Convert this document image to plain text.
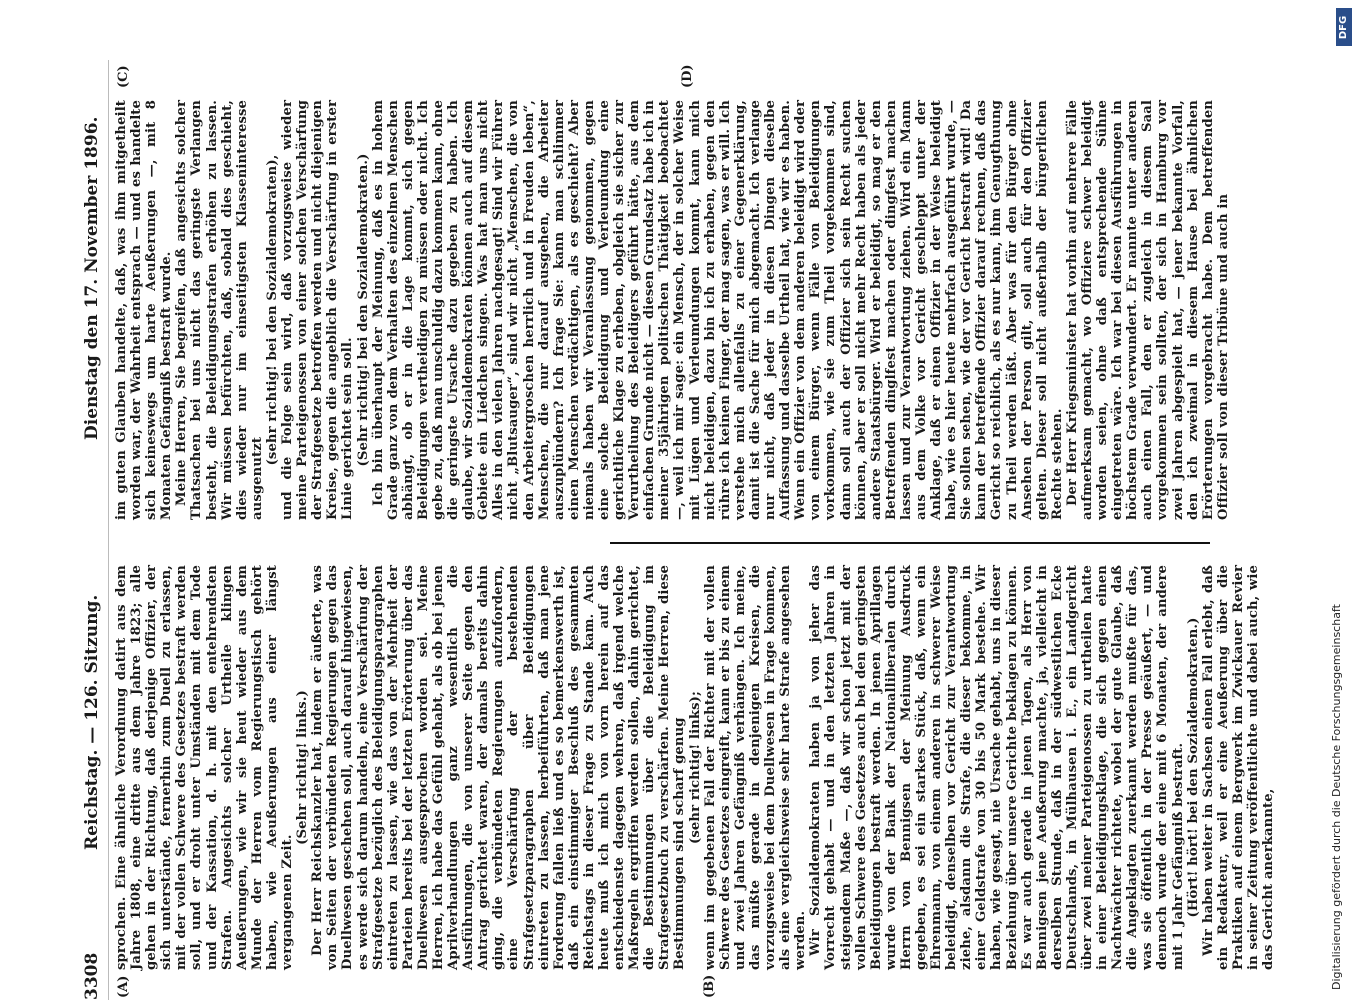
3308
Reichstag. — 126. Sitzung.
Dienstag den 17. November 1896.
(A)	(B)
(C)	(D)

sprochen. Eine ähnliche Verordnung datirt aus dem Jahre 1808, eine dritte aus dem Jahre 1823; alle gehen in der Richtung, daß derjenige Offizier, der sich unterstände, fernerhin zum Duell zu erlassen, mit der vollen Schwere des Gesetzes bestraft werden soll, und er droht unter Umständen mit dem Tode und der Kassation, d. h. mit den entehrendsten Strafen. Angesichts solcher Urtheile klingen Aeußerungen, wie wir sie heut wieder aus dem Munde der Herren vom Regierungstisch gehört haben, wie Aeußerungen aus einer längst vergangenen Zeit.

(Sehr richtig! links.) Der Herr Reichskanzler hat, indem er äußerte, was von Seiten der verbündeten Regierungen gegen das Duellwesen geschehen soll, auch darauf hingewiesen, es werde sich darum handeln, eine Verschärfung der Strafgesetze bezüglich des Beleidigungsparagraphen eintreten zu lassen, wie das von der Mehrheit der Parteien bereits bei der letzten Erörterung über das Duellwesen ausgesprochen worden sei. Meine Herren, ich habe das Gefühl gehabt, als ob bei jenen Aprilverhandlungen ganz wesentlich die Ausführungen, die von unserer Seite gegen den Antrag gerichtet waren, der damals bereits dahin ging, die verbündeten Regierungen aufzufordern, eine Verschärfung der bestehenden Strafgesetzparagraphen über Beleidigungen eintreten zu lassen, herbeiführten, daß man jene Forderung fallen ließ und es so bemerkenswerth ist, daß ein einstimmiger Beschluß des gesammten Reichstags in dieser Frage zu Stande kam. Auch heute muß ich mich von vorn herein auf das entschiedenste dagegen wehren, daß irgend welche Maßregeln ergriffen werden sollen, dahin gerichtet, die Bestimmungen über die Beleidigung im Strafgesetzbuch zu verschärfen. Meine Herren, diese Bestimmungen sind scharf genug (sehr richtig! links); wenn im gegebenen Fall der Richter mit der vollen Schwere des Gesetzes eingreift, kann er bis zu einem und zwei Jahren Gefängniß verhängen. Ich meine, das müßte gerade in denjenigen Kreisen, die vorzugsweise bei dem Duellwesen in Frage kommen, als eine vergleichsweise sehr harte Strafe angesehen werden. Wir Sozialdemokraten haben ja von jeher das Vorrecht gehabt — und in den letzten Jahren in steigendem Maße —, daß wir schon jetzt mit der vollen Schwere des Gesetzes auch bei den geringsten Beleidigungen bestraft werden. In jenen Aprillagen wurde von der Bank der Nationalliberalen durch Herrn von Bennigsen der Meinung Ausdruck gegeben, es sei ein starkes Stück, daß, wenn ein Ehrenmann, von einem anderen in schwerer Weise beleidigt, denselben vor Gericht zur Verantwortung ziehe, alsdann die Strafe, die dieser bekomme, in einer Geldstrafe von 30 bis 50 Mark bestehe. Wir haben, wie gesagt, nie Ursache gehabt, uns in dieser Beziehung über unsere Gerichte beklagen zu können. Es war auch gerade in jenen Tagen, als Herr von Bennigsen jene Aeußerung machte, ja, vielleicht in derselben Stunde, daß in der südwestlichen Ecke Deutschlands, in Mülhausen i. E., ein Landgericht über zwei meiner Parteigenossen zu urtheilen hatte in einer Beleidigungsklage, die sich gegen einen Nachtwächter richtete, wobei der gute Glaube, daß die Angeklagten zuerkannt werden mußte für das, was sie öffentlich in der Presse geäußert, — und dennoch wurde der eine mit 6 Monaten, der andere mit 1 Jahr Gefängniß bestraft. (Hört! hört! bei den Sozialdemokraten.) Wir haben weiter in Sachsen einen Fall erlebt, daß ein Redakteur, weil er eine Aeußerung über die Praktiken auf einem Bergwerk im Zwickauer Revier in seiner Zeitung veröffentlichte und dabei auch, wie das Gericht anerkannte,

im guten Glauben handelte, daß, was ihm mitgetheilt worden war, der Wahrheit entsprach — und es handelte sich keineswegs um harte Aeußerungen —, mit 8 Monaten Gefängniß bestraft wurde. Meine Herren, Sie begreifen, daß angesichts solcher Thatsachen bei uns nicht das geringste Verlangen besteht, die Beleidigungsstrafen erhöhen zu lassen. Wir müssen befürchten, daß, sobald dies geschieht, dies wieder nur im einseitigsten Klasseninteresse ausgenutzt

(sehr richtig! bei den Sozialdemokraten), und die Folge sein wird, daß vorzugsweise wieder meine Parteigenossen von einer solchen Verschärfung der Strafgesetze betroffen werden und nicht diejenigen Kreise, gegen die angeblich die Verschärfung in erster Linie gerichtet sein soll. (Sehr richtig! bei den Sozialdemokraten.) Ich bin überhaupt der Meinung, daß es in hohem Grade ganz von dem Verhalten des einzelnen Menschen abhängt, ob er in die Lage kommt, sich gegen Beleidigungen vertheidigen zu müssen oder nicht. Ich gebe zu, daß man unschuldig dazu kommen kann, ohne die geringste Ursache dazu gegeben zu haben. Ich glaube, wir Sozialdemokraten können auch auf diesem Gebiete ein Liedchen singen. Was hat man uns nicht Alles in den vielen Jahren nachgesagt! Sind wir Führer nicht „Blutsauger“, sind wir nicht „Menschen, die von den Arbeitergroschen herrlich und in Freuden leben“, Menschen, die nur darauf ausgehen, die Arbeiter auszuplündern? Ich frage Sie: kann man schlimmer einen Menschen verdächtigen, als es geschieht? Aber niemals haben wir Veranlassung genommen, gegen eine solche Beleidigung und Verleumdung eine gerichtliche Klage zu erheben, obgleich sie sicher zur Verurtheilung des Beleidigers geführt hätte, aus dem einfachen Grunde nicht — diesen Grundsatz habe ich in meiner 35jährigen politischen Thätigkeit beobachtet —, weil ich mir sage: ein Mensch, der in solcher Weise mit Lügen und Verleumdungen kommt, kann mich nicht beleidigen, dazu bin ich zu erhaben, gegen den rühre ich keinen Finger, der mag sagen, was er will. Ich verstehe mich allenfalls zu einer Gegenerklärung, damit ist die Sache für mich abgemacht. Ich verlange nur nicht, daß jeder in diesen Dingen dieselbe Auffassung und dasselbe Urtheil hat, wie wir es haben. Wenn ein Offizier von dem anderen beleidigt wird oder von einem Bürger, wenn Fälle von Beleidigungen vorkommen, wie sie zum Theil vorgekommen sind, dann soll auch der Offizier sich sein Recht suchen können, aber er soll nicht mehr Recht haben als jeder andere Staatsbürger. Wird er beleidigt, so mag er den Betreffenden dinglfest machen oder dingfest machen lassen und zur Verantwortung ziehen. Wird ein Mann aus dem Volke vor Gericht geschleppt unter der Anklage, daß er einen Offizier in der Weise beleidigt habe, wie es hier heute mehrfach ausgeführt wurde, — Sie sollen sehen, wie der vor Gericht bestraft wird! Da kann der betreffende Offizier darauf rechnen, daß das Gericht so reichlich, als es nur kann, ihm Genugthuung zu Theil werden läßt. Aber was für den Bürger ohne Ansehen der Person gilt, soll auch für den Offizier gelten. Dieser soll nicht außerhalb der bürgerlichen Rechte stehen. Der Herr Kriegsminister hat vorhin auf mehrere Fälle aufmerksam gemacht, wo Offiziere schwer beleidigt worden seien, ohne daß entsprechende Sühne eingetreten wäre. Ich war bei diesen Ausführungen in höchstem Grade verwundert. Er nannte unter anderen auch einen Fall, den er zugleich in diesem Saal vorgekommen sein sollten, der sich in Hamburg vor zwei Jahren abgespielt hat, — jener bekannte Vorfall, den ich zweimal in diesem Hause bei ähnlichen Erörterungen vorgebracht habe. Dem betreffenden Offizier soll von dieser Tribüne und auch in

DFG
Digitalisierung gefördert durch die Deutsche Forschungsgemeinschaft
